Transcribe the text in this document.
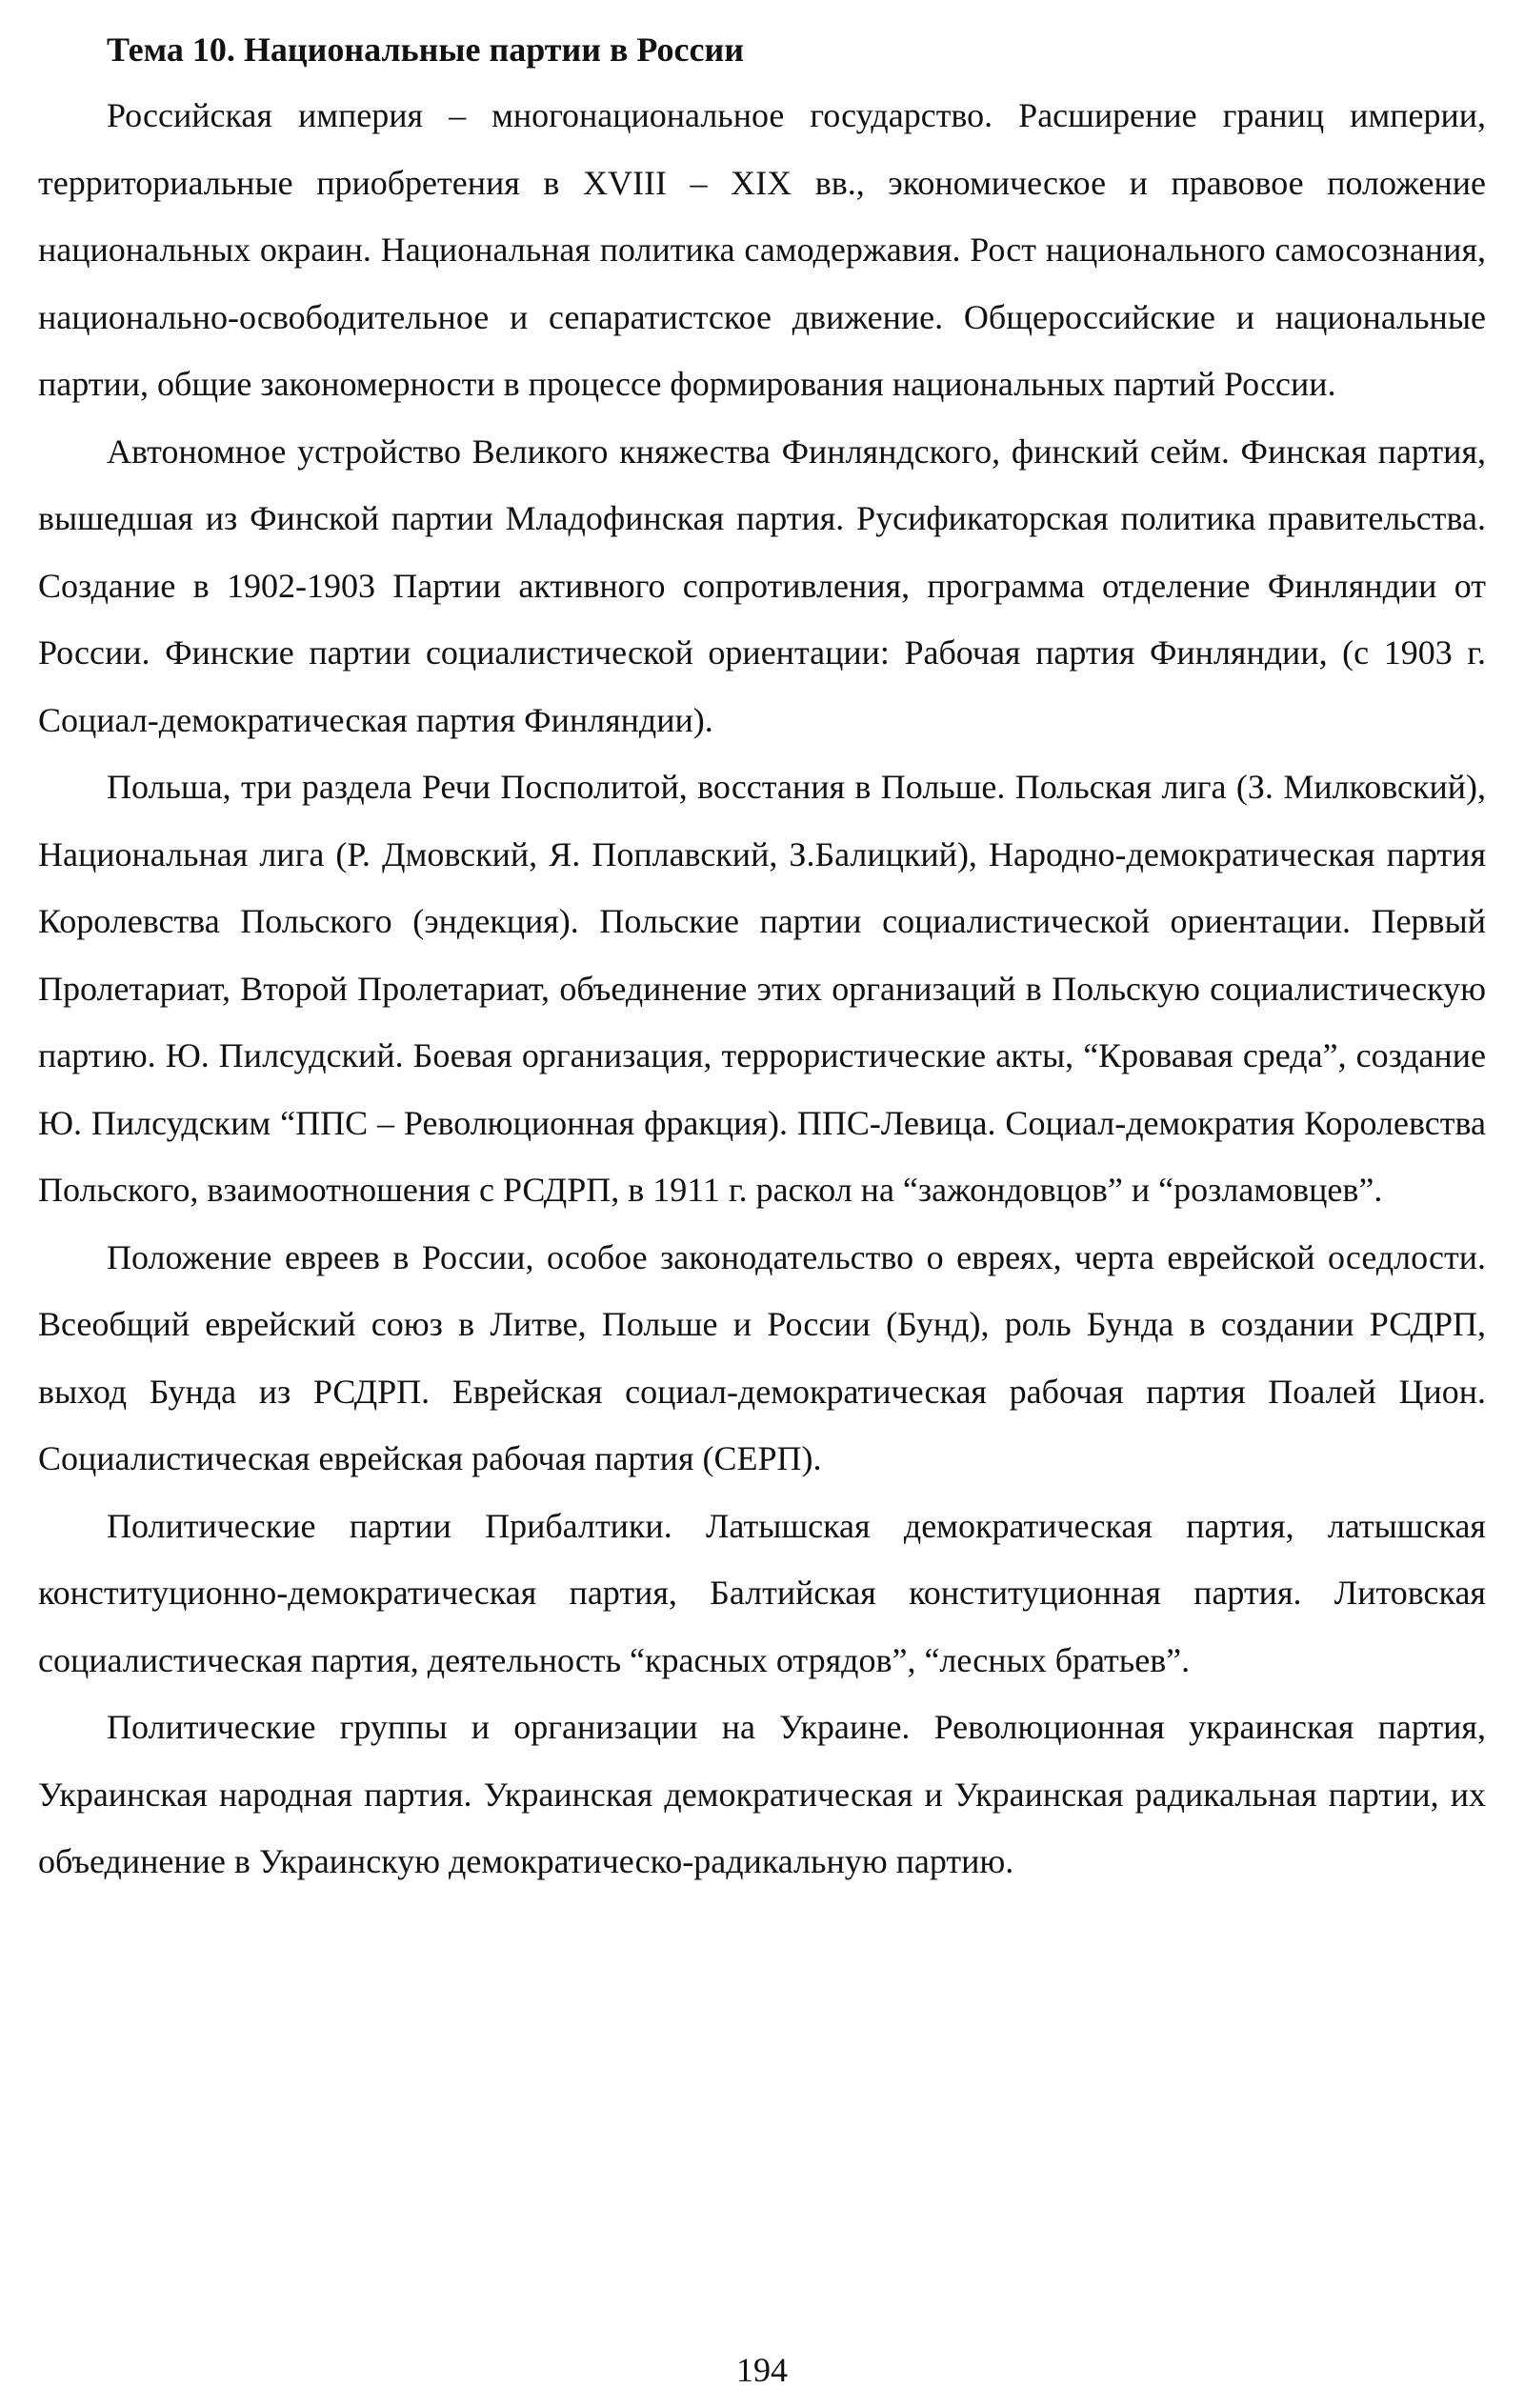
Тема 10. Национальные партии в России

Российская империя – многонациональное государство. Расширение границ империи, территориальные приобретения в XVIII – XIX вв., экономическое и правовое положение национальных окраин. Национальная политика самодержавия. Рост национального самосознания, национально-освободительное и сепаратистское движение. Общероссийские и национальные партии, общие закономерности в процессе формирования национальных партий России.

Автономное устройство Великого княжества Финляндского, финский сейм. Финская партия, вышедшая из Финской партии Младофинская партия. Русификаторская политика правительства. Создание в 1902-1903 Партии активного сопротивления, программа отделение Финляндии от России. Финские партии социалистической ориентации: Рабочая партия Финляндии, (с 1903 г. Социал-демократическая партия Финляндии).

Польша, три раздела Речи Посполитой, восстания в Польше. Польская лига (З. Милковский), Национальная лига (Р. Дмовский, Я. Поплавский, З.Балицкий), Народно-демократическая партия Королевства Польского (эндекция). Польские партии социалистической ориентации. Первый Пролетариат, Второй Пролетариат, объединение этих организаций в Польскую социалистическую партию. Ю. Пилсудский. Боевая организация, террористические акты, “Кровавая среда”, создание Ю. Пилсудским “ППС – Революционная фракция). ППС-Левица. Социал-демократия Королевства Польского, взаимоотношения с РСДРП, в 1911 г. раскол на “зажондовцов” и “розламовцев”.

Положение евреев в России, особое законодательство о евреях, черта еврейской оседлости. Всеобщий еврейский союз в Литве, Польше и России (Бунд), роль Бунда в создании РСДРП, выход Бунда из РСДРП. Еврейская социал-демократическая рабочая партия Поалей Цион. Социалистическая еврейская рабочая партия (СЕРП).

Политические партии Прибалтики. Латышская демократическая партия, латышская конституционно-демократическая партия, Балтийская конституционная партия. Литовская социалистическая партия, деятельность “красных отрядов”, “лесных братьев”.

Политические группы и организации на Украине. Революционная украинская партия, Украинская народная партия. Украинская демократическая и Украинская радикальная партии, их объединение в Украинскую демократическо-радикальную партию.

194
